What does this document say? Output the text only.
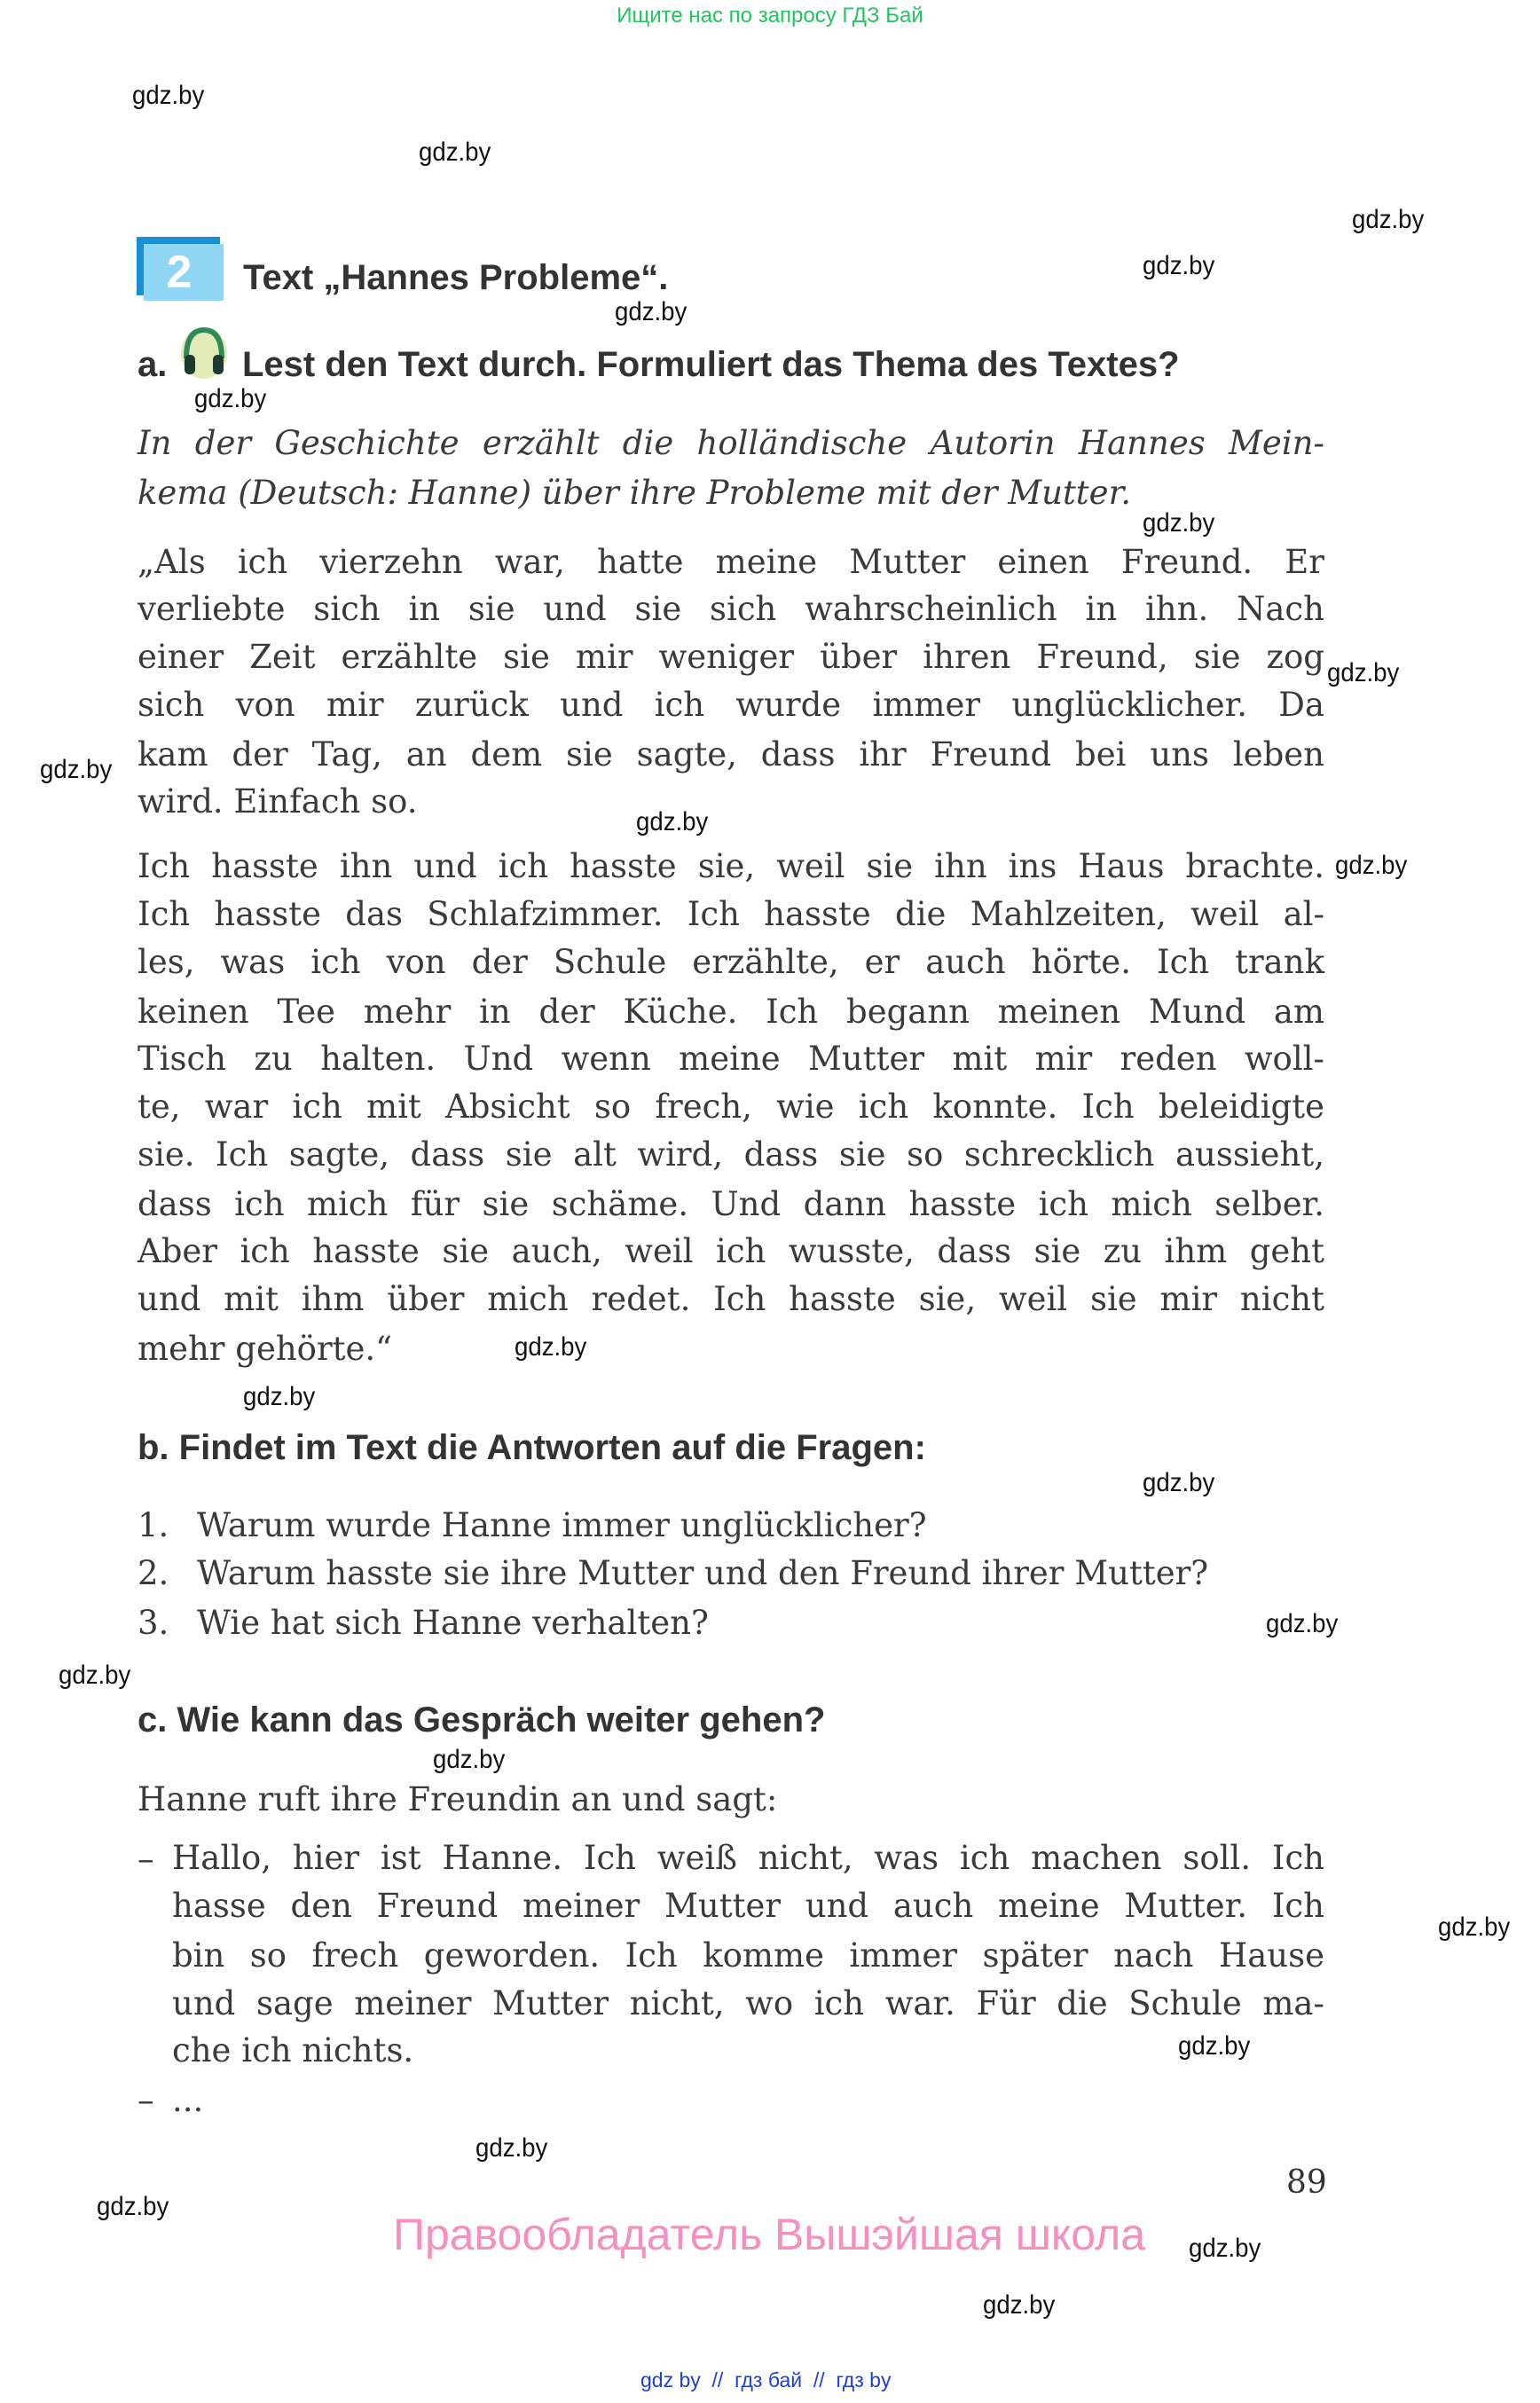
Ищите нас по запросу ГДЗ Бай
2	Text „Hannes Probleme“.
a. Lest den Text durch. Formuliert das Thema des Textes?
In der Geschichte erzählt die holländische Autorin Hannes Mein-
kema (Deutsch: Hanne) über ihre Probleme mit der Mutter.
„Als ich vierzehn war, hatte meine Mutter einen Freund. Er
verliebte sich in sie und sie sich wahrscheinlich in ihn. Nach
einer Zeit erzählte sie mir weniger über ihren Freund, sie zog
sich von mir zurück und ich wurde immer unglücklicher. Da
kam der Tag, an dem sie sagte, dass ihr Freund bei uns leben
wird. Einfach so.
Ich hasste ihn und ich hasste sie, weil sie ihn ins Haus brachte.
Ich hasste das Schlafzimmer. Ich hasste die Mahlzeiten, weil al-
les, was ich von der Schule erzählte, er auch hörte. Ich trank
keinen Tee mehr in der Küche. Ich begann meinen Mund am
Tisch zu halten. Und wenn meine Mutter mit mir reden woll-
te, war ich mit Absicht so frech, wie ich konnte. Ich beleidigte
sie. Ich sagte, dass sie alt wird, dass sie so schrecklich aussieht,
dass ich mich für sie schäme. Und dann hasste ich mich selber.
Aber ich hasste sie auch, weil ich wusste, dass sie zu ihm geht
und mit ihm über mich redet. Ich hasste sie, weil sie mir nicht
mehr gehörte.“
b. Findet im Text die Antworten auf die Fragen:
1. Warum wurde Hanne immer unglücklicher?
2. Warum hasste sie ihre Mutter und den Freund ihrer Mutter?
3. Wie hat sich Hanne verhalten?
c. Wie kann das Gespräch weiter gehen?
Hanne ruft ihre Freundin an und sagt:
– Hallo, hier ist Hanne. Ich weiß nicht, was ich machen soll. Ich
hasse den Freund meiner Mutter und auch meine Mutter. Ich
bin so frech geworden. Ich komme immer später nach Hause
und sage meiner Mutter nicht, wo ich war. Für die Schule ma-
che ich nichts.
– ...
89
Правообладатель Вышэйшая школа
gdz by  //  гдз бай  //  гдз by
gdz.by
gdz.by
gdz.by
gdz.by
gdz.by
gdz.by
gdz.by
gdz.by
gdz.by
gdz.by
gdz.by
gdz.by
gdz.by
gdz.by
gdz.by
gdz.by
gdz.by
gdz.by
gdz.by
gdz.by
gdz.by
gdz.by
gdz.by
